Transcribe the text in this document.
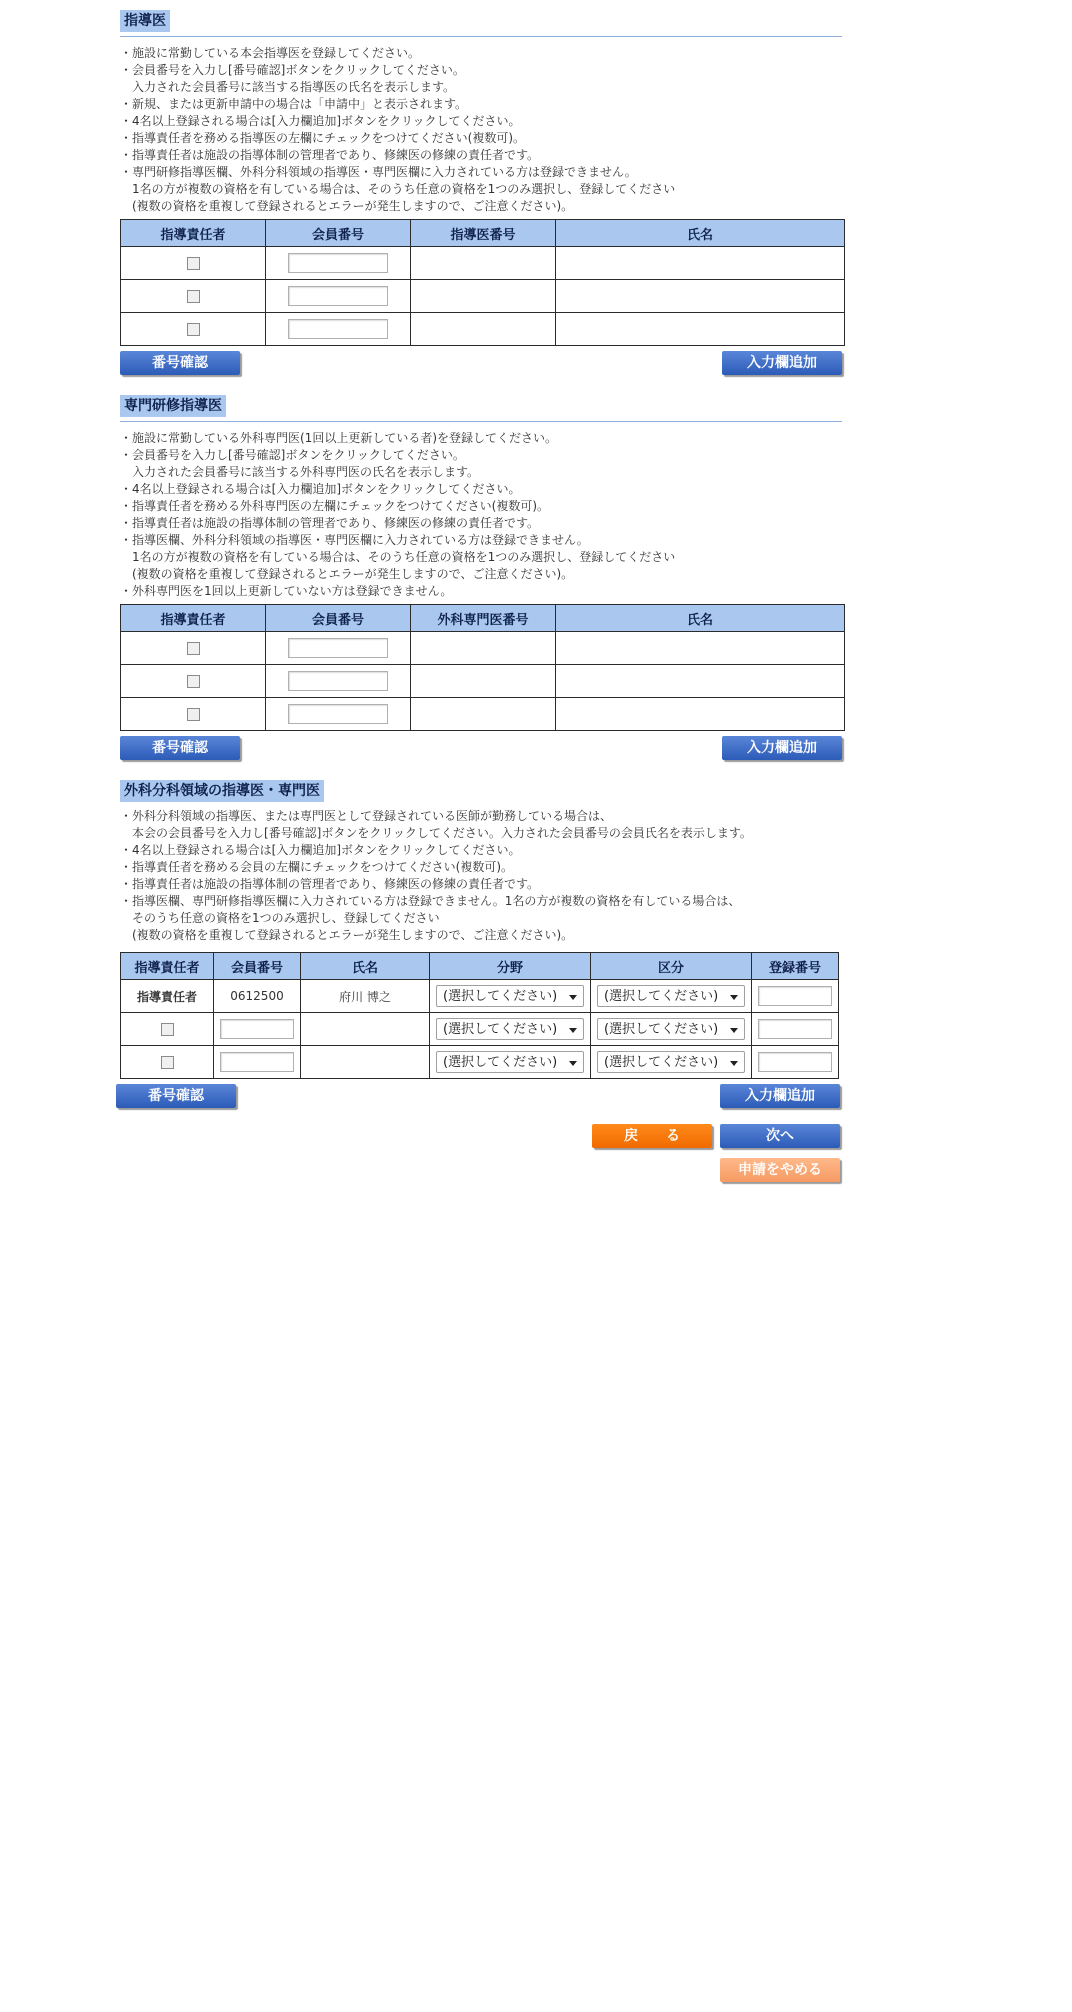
指導医
・施設に常勤している本会指導医を登録してください。
・会員番号を入力し[番号確認]ボタンをクリックしてください。
　入力された会員番号に該当する指導医の氏名を表示します。
・新規、または更新申請中の場合は「申請中」と表示されます。
・4名以上登録される場合は[入力欄追加]ボタンをクリックしてください。
・指導責任者を務める指導医の左欄にチェックをつけてください(複数可)。
・指導責任者は施設の指導体制の管理者であり、修練医の修練の責任者です。
・専門研修指導医欄、外科分科領域の指導医・専門医欄に入力されている方は登録できません。
　1名の方が複数の資格を有している場合は、そのうち任意の資格を1つのみ選択し、登録してください
　(複数の資格を重複して登録されるとエラーが発生しますので、ご注意ください)。
指導責任者	会員番号	指導医番号	氏名

番号確認	入力欄追加
専門研修指導医
・施設に常勤している外科専門医(1回以上更新している者)を登録してください。
・会員番号を入力し[番号確認]ボタンをクリックしてください。
　入力された会員番号に該当する外科専門医の氏名を表示します。
・4名以上登録される場合は[入力欄追加]ボタンをクリックしてください。
・指導責任者を務める外科専門医の左欄にチェックをつけてください(複数可)。
・指導責任者は施設の指導体制の管理者であり、修練医の修練の責任者です。
・指導医欄、外科分科領域の指導医・専門医欄に入力されている方は登録できません。
　1名の方が複数の資格を有している場合は、そのうち任意の資格を1つのみ選択し、登録してください
　(複数の資格を重複して登録されるとエラーが発生しますので、ご注意ください)。
・外科専門医を1回以上更新していない方は登録できません。
指導責任者	会員番号	外科専門医番号	氏名

番号確認	入力欄追加
外科分科領域の指導医・専門医
・外科分科領域の指導医、または専門医として登録されている医師が勤務している場合は、
　本会の会員番号を入力し[番号確認]ボタンをクリックしてください。入力された会員番号の会員氏名を表示します。
・4名以上登録される場合は[入力欄追加]ボタンをクリックしてください。
・指導責任者を務める会員の左欄にチェックをつけてください(複数可)。
・指導責任者は施設の指導体制の管理者であり、修練医の修練の責任者です。
・指導医欄、専門研修指導医欄に入力されている方は登録できません。1名の方が複数の資格を有している場合は、
　そのうち任意の資格を1つのみ選択し、登録してください
　(複数の資格を重複して登録されるとエラーが発生しますので、ご注意ください)。
指導責任者	会員番号	氏名	分野	区分	登録番号
指導責任者	0612500	府川 博之	(選択してください)	(選択してください)

			(選択してください)	(選択してください)

			(選択してください)	(選択してください)

番号確認	入力欄追加
戻　　る	次へ
申請をやめる
